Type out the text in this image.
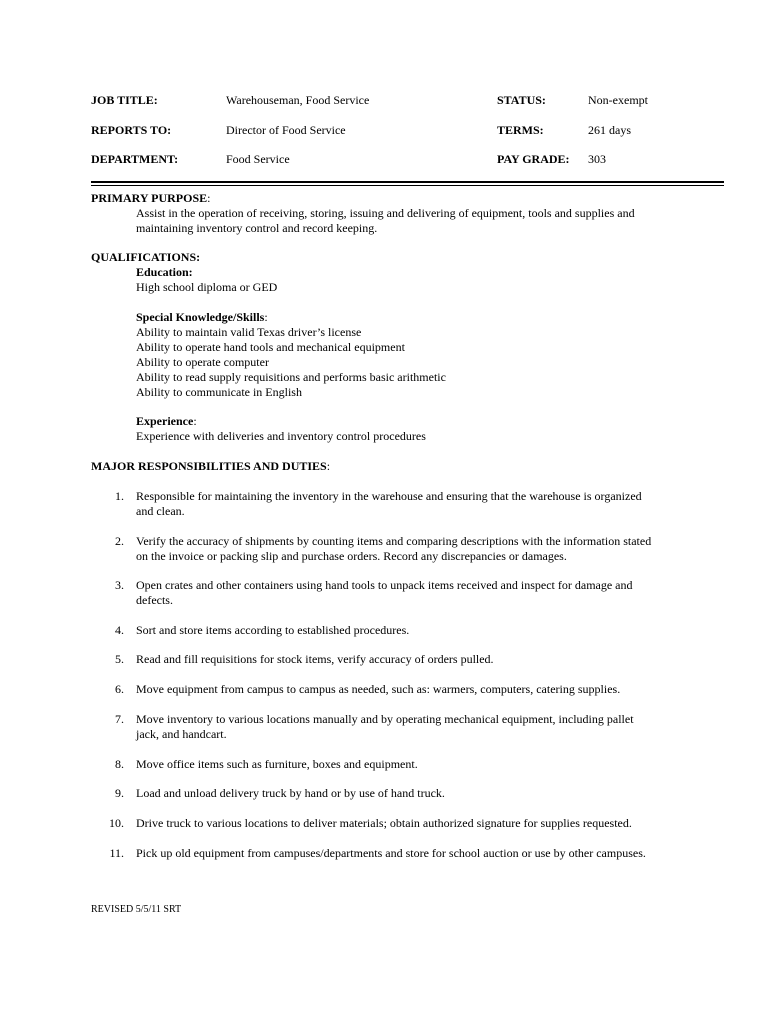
JOB TITLE:	Warehouseman, Food Service	STATUS:	Non-exempt
REPORTS TO:	Director of Food Service	TERMS:	261 days
DEPARTMENT:	Food Service	PAY GRADE: 303
PRIMARY PURPOSE:
Assist in the operation of receiving, storing, issuing and delivering of equipment, tools and supplies and
maintaining inventory control and record keeping.
QUALIFICATIONS:
Education:
High school diploma or GED
Special Knowledge/Skills:
Ability to maintain valid Texas driver’s license
Ability to operate hand tools and mechanical equipment
Ability to operate computer
Ability to read supply requisitions and performs basic arithmetic
Ability to communicate in English
Experience:
Experience with deliveries and inventory control procedures
MAJOR RESPONSIBILITIES AND DUTIES:
1. Responsible for maintaining the inventory in the warehouse and ensuring that the warehouse is organized
and clean.
2. Verify the accuracy of shipments by counting items and comparing descriptions with the information stated
on the invoice or packing slip and purchase orders. Record any discrepancies or damages.
3. Open crates and other containers using hand tools to unpack items received and inspect for damage and
defects.
4. Sort and store items according to established procedures.
5. Read and fill requisitions for stock items, verify accuracy of orders pulled.
6. Move equipment from campus to campus as needed, such as: warmers, computers, catering supplies.
7. Move inventory to various locations manually and by operating mechanical equipment, including pallet
jack, and handcart.
8. Move office items such as furniture, boxes and equipment.
9. Load and unload delivery truck by hand or by use of hand truck.
10. Drive truck to various locations to deliver materials; obtain authorized signature for supplies requested.
11. Pick up old equipment from campuses/departments and store for school auction or use by other campuses.
REVISED 5/5/11 SRT
